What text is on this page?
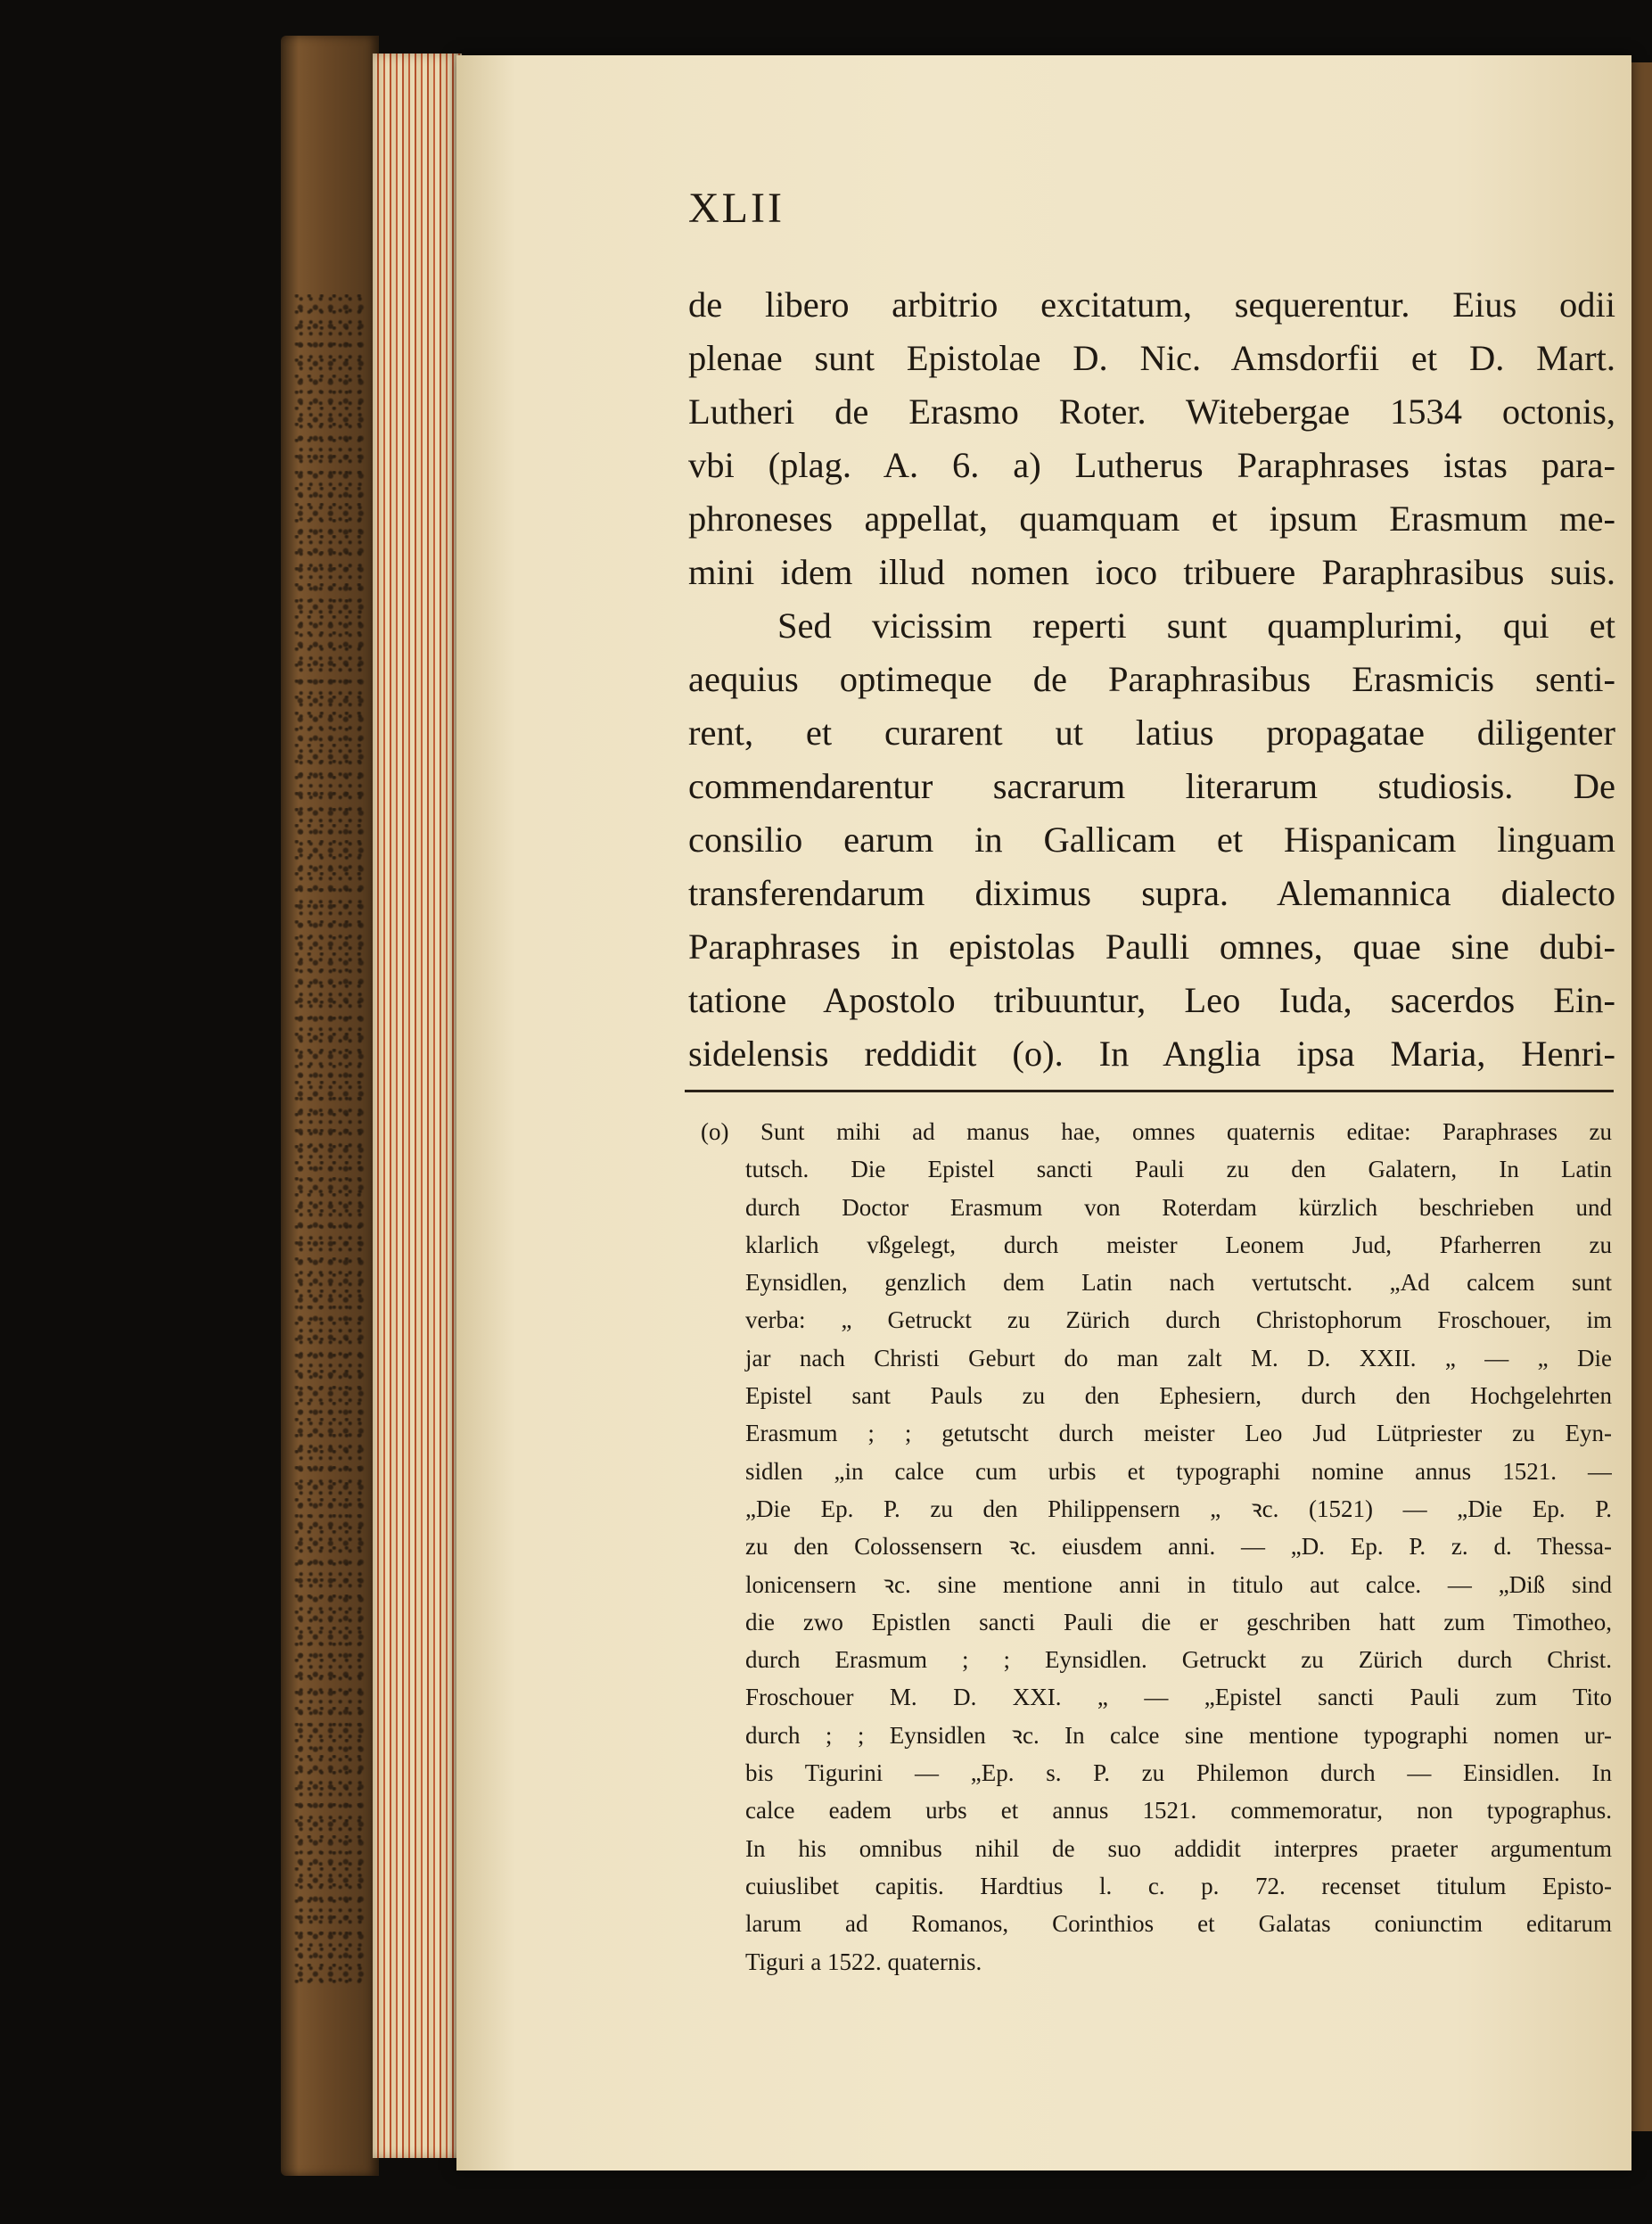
XLII
de libero arbitrio excitatum, sequerentur. Eius odii
plenae sunt Epistolae D. Nic. Amsdorfii et D. Mart.
Lutheri de Erasmo Roter. Witebergae 1534 octonis,
vbi (plag. A. 6. a) Lutherus Paraphrases istas para-
phroneses appellat, quamquam et ipsum Erasmum me-
mini idem illud nomen ioco tribuere Paraphrasibus suis.
Sed vicissim reperti sunt quamplurimi, qui et
aequius optimeque de Paraphrasibus Erasmicis senti-
rent, et curarent ut latius propagatae diligenter
commendarentur sacrarum literarum studiosis. De
consilio earum in Gallicam et Hispanicam linguam
transferendarum diximus supra. Alemannica dialecto
Paraphrases in epistolas Paulli omnes, quae sine dubi-
tatione Apostolo tribuuntur, Leo Iuda, sacerdos Ein-
sidelensis reddidit (o). In Anglia ipsa Maria, Henri-
(o) Sunt mihi ad manus hae, omnes quaternis editae: Paraphrases zu
tutsch. Die Epistel sancti Pauli zu den Galatern, In Latin
durch Doctor Erasmum von Roterdam kürzlich beschrieben und
klarlich vßgelegt, durch meister Leonem Jud, Pfarherren zu
Eynsidlen, genzlich dem Latin nach vertutscht. „Ad calcem sunt
verba: „ Getruckt zu Zürich durch Christophorum Froschouer, im
jar nach Christi Geburt do man zalt M. D. XXII. „ — „ Die
Epistel sant Pauls zu den Ephesiern, durch den Hochgelehrten
Erasmum ; ; getutscht durch meister Leo Jud Lütpriester zu Eyn-
sidlen „in calce cum urbis et typographi nomine annus 1521. —
„Die Ep. P. zu den Philippensern „ ꝛc. (1521) — „Die Ep. P.
zu den Colossensern ꝛc. eiusdem anni. — „D. Ep. P. z. d. Thessa-
lonicensern ꝛc. sine mentione anni in titulo aut calce. — „Diß sind
die zwo Epistlen sancti Pauli die er geschriben hatt zum Timotheo,
durch Erasmum ; ; Eynsidlen. Getruckt zu Zürich durch Christ.
Froschouer M. D. XXI. „ — „Epistel sancti Pauli zum Tito
durch ; ; Eynsidlen ꝛc. In calce sine mentione typographi nomen ur-
bis Tigurini — „Ep. s. P. zu Philemon durch — Einsidlen. In
calce eadem urbs et annus 1521. commemoratur, non typographus.
In his omnibus nihil de suo addidit interpres praeter argumentum
cuiuslibet capitis. Hardtius l. c. p. 72. recenset titulum Episto-
larum ad Romanos, Corinthios et Galatas coniunctim editarum
Tiguri a 1522. quaternis.
